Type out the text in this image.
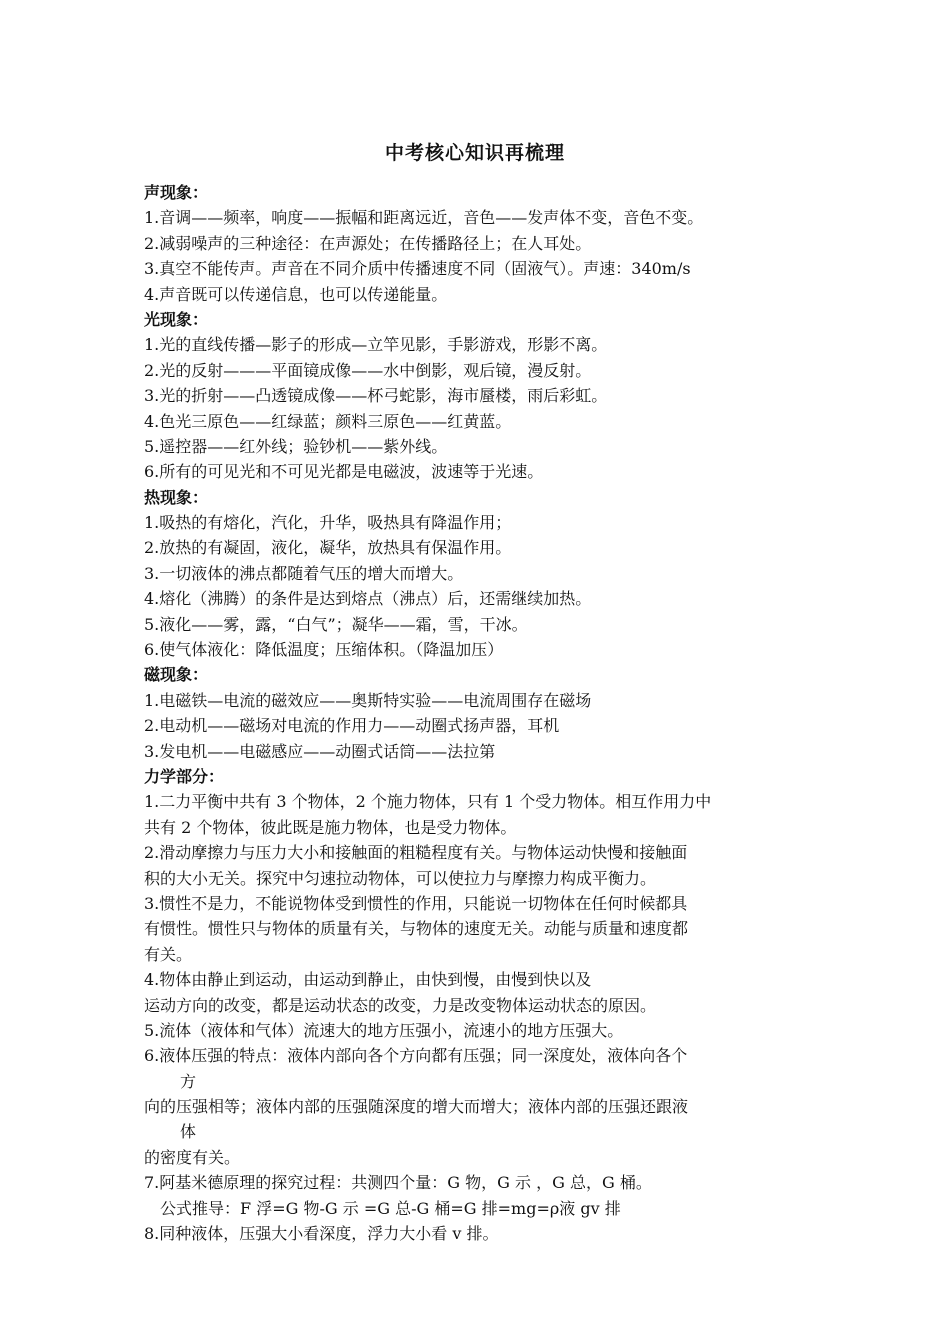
中考核心知识再梳理
声现象：
1.音调——频率，响度——振幅和距离远近，音色——发声体不变，音色不变。
2.减弱噪声的三种途径：在声源处；在传播路径上；在人耳处。
3.真空不能传声。声音在不同介质中传播速度不同（固液气）。声速：340m/s
4.声音既可以传递信息，也可以传递能量。
光现象：
1.光的直线传播—影子的形成—立竿见影，手影游戏，形影不离。
2.光的反射———平面镜成像——水中倒影，观后镜，漫反射。
3.光的折射——凸透镜成像——杯弓蛇影，海市蜃楼，雨后彩虹。
4.色光三原色——红绿蓝；颜料三原色——红黄蓝。
5.遥控器——红外线；验钞机——紫外线。
6.所有的可见光和不可见光都是电磁波，波速等于光速。
热现象：
1.吸热的有熔化，汽化，升华，吸热具有降温作用；
2.放热的有凝固，液化，凝华，放热具有保温作用。
3.一切液体的沸点都随着气压的增大而增大。
4.熔化（沸腾）的条件是达到熔点（沸点）后，还需继续加热。
5.液化——雾，露，“白气”；凝华——霜，雪，干冰。
6.使气体液化：降低温度；压缩体积。（降温加压）
磁现象：
1.电磁铁—电流的磁效应——奥斯特实验——电流周围存在磁场
2.电动机——磁场对电流的作用力——动圈式扬声器，耳机
3.发电机——电磁感应——动圈式话筒——法拉第
力学部分：
1.二力平衡中共有 3 个物体，2 个施力物体，只有 1 个受力物体。相互作用力中
共有 2 个物体，彼此既是施力物体，也是受力物体。
2.滑动摩擦力与压力大小和接触面的粗糙程度有关。与物体运动快慢和接触面
积的大小无关。探究中匀速拉动物体，可以使拉力与摩擦力构成平衡力。
3.惯性不是力，不能说物体受到惯性的作用，只能说一切物体在任何时候都具
有惯性。惯性只与物体的质量有关，与物体的速度无关。动能与质量和速度都
有关。
4.物体由静止到运动，由运动到静止，由快到慢，由慢到快以及
运动方向的改变，都是运动状态的改变，力是改变物体运动状态的原因。
5.流体（液体和气体）流速大的地方压强小，流速小的地方压强大。
6.液体压强的特点：液体内部向各个方向都有压强；同一深度处，液体向各个
方
向的压强相等；液体内部的压强随深度的增大而增大；液体内部的压强还跟液
体
的密度有关。
7.阿基米德原理的探究过程：共测四个量：G 物，G 示 ，G 总，G 桶。
公式推导：F 浮=G 物-G 示 =G 总-G 桶=G 排=mg=ρ液 gv 排
8.同种液体，压强大小看深度，浮力大小看 v 排。
